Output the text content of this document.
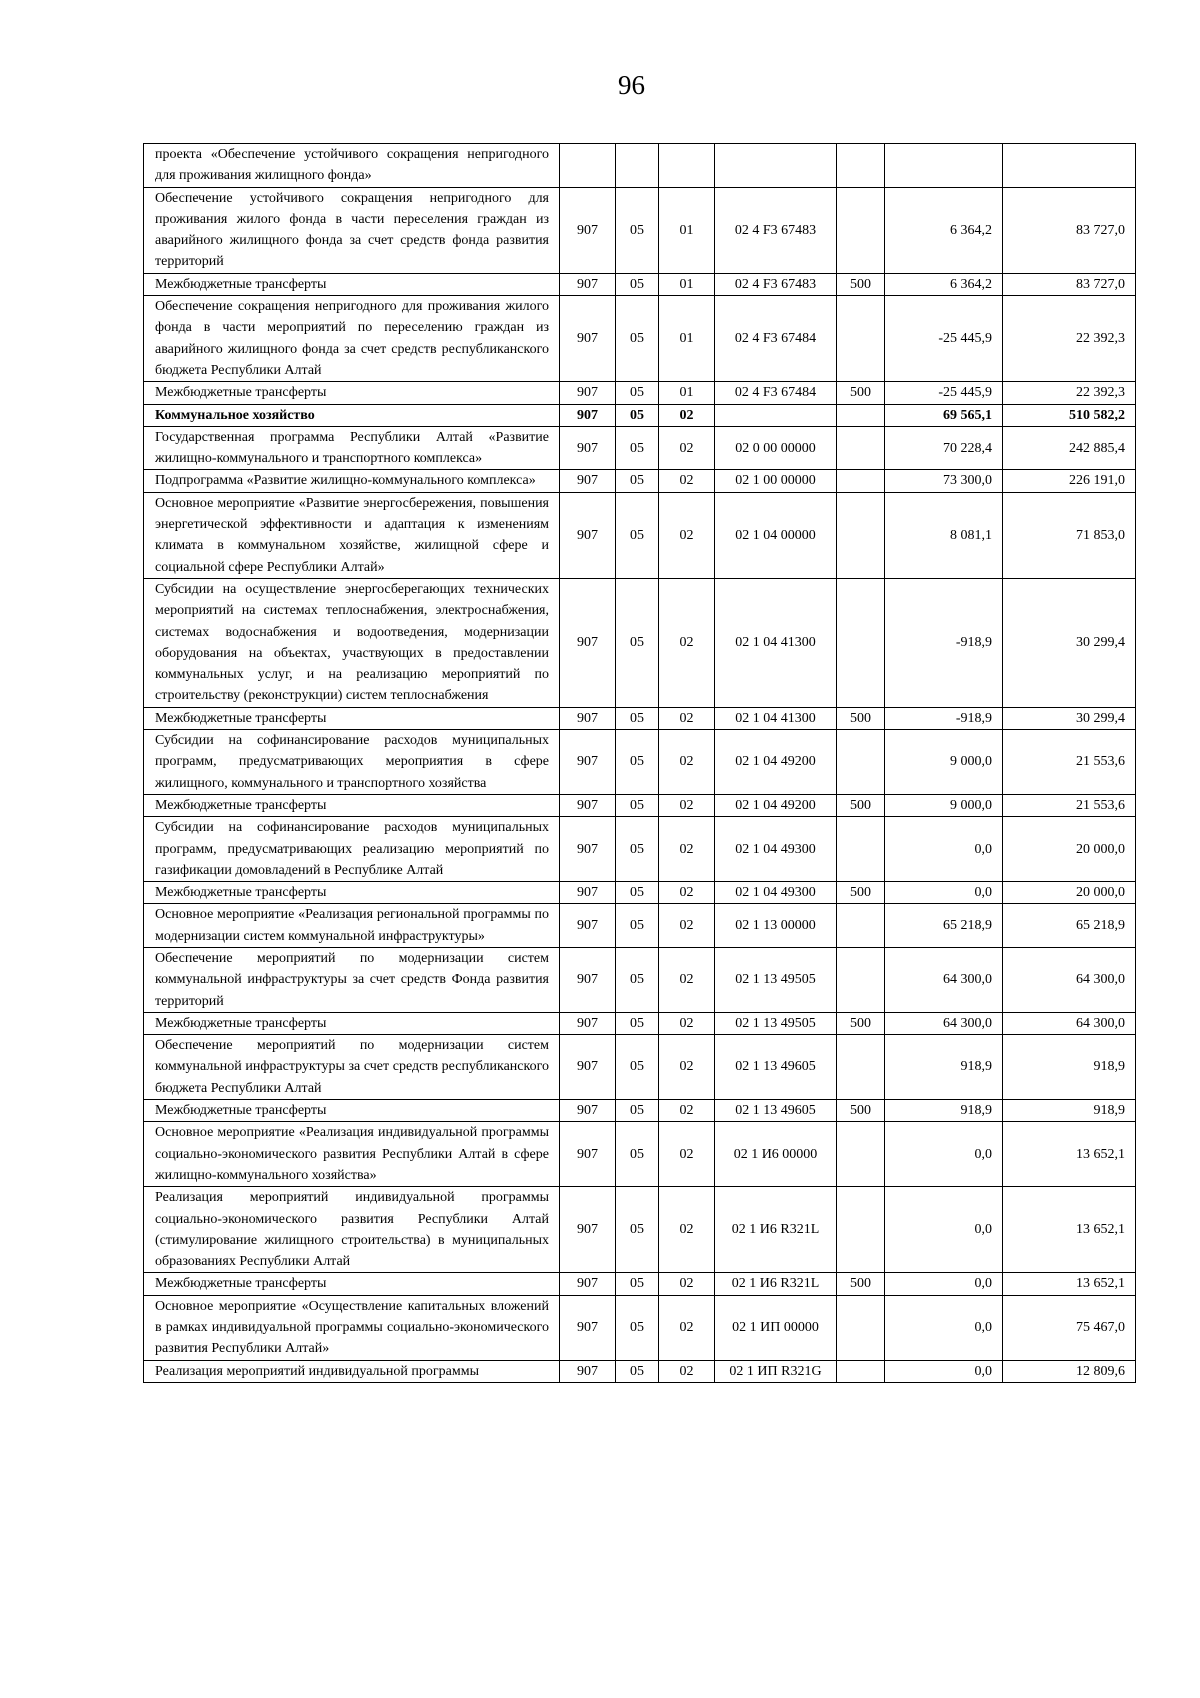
96
проекта «Обеспечение устойчивого сокращения непригодного для проживания жилищного фонда»							
Обеспечение устойчивого сокращения непригодного для проживания жилого фонда в части переселения граждан из аварийного жилищного фонда за счет средств фонда развития территорий	907	05	01	02 4 F3 67483		6 364,2	83 727,0
Межбюджетные трансферты	907	05	01	02 4 F3 67483	500	6 364,2	83 727,0
Обеспечение сокращения непригодного для проживания жилого фонда в части мероприятий по переселению граждан из аварийного жилищного фонда за счет средств республиканского бюджета Республики Алтай	907	05	01	02 4 F3 67484		-25 445,9	22 392,3
Межбюджетные трансферты	907	05	01	02 4 F3 67484	500	-25 445,9	22 392,3
Коммунальное хозяйство	907	05	02			69 565,1	510 582,2
Государственная программа Республики Алтай «Развитие жилищно-коммунального и транспортного комплекса»	907	05	02	02 0 00 00000		70 228,4	242 885,4
Подпрограмма «Развитие жилищно-коммунального комплекса»	907	05	02	02 1 00 00000		73 300,0	226 191,0
Основное мероприятие «Развитие энергосбережения, повышения энергетической эффективности и адаптация к изменениям климата в коммунальном хозяйстве, жилищной сфере и социальной сфере Республики Алтай»	907	05	02	02 1 04 00000		8 081,1	71 853,0
Субсидии на осуществление энергосберегающих технических мероприятий на системах теплоснабжения, электроснабжения, системах водоснабжения и водоотведения, модернизации оборудования на объектах, участвующих в предоставлении коммунальных услуг, и на реализацию мероприятий по строительству (реконструкции) систем теплоснабжения	907	05	02	02 1 04 41300		-918,9	30 299,4
Межбюджетные трансферты	907	05	02	02 1 04 41300	500	-918,9	30 299,4
Субсидии на софинансирование расходов муниципальных программ, предусматривающих мероприятия в сфере жилищного, коммунального и транспортного хозяйства	907	05	02	02 1 04 49200		9 000,0	21 553,6
Межбюджетные трансферты	907	05	02	02 1 04 49200	500	9 000,0	21 553,6
Субсидии на софинансирование расходов муниципальных программ, предусматривающих реализацию мероприятий по газификации домовладений в Республике Алтай	907	05	02	02 1 04 49300		0,0	20 000,0
Межбюджетные трансферты	907	05	02	02 1 04 49300	500	0,0	20 000,0
Основное мероприятие «Реализация региональной программы по модернизации систем коммунальной инфраструктуры»	907	05	02	02 1 13 00000		65 218,9	65 218,9
Обеспечение мероприятий по модернизации систем коммунальной инфраструктуры за счет средств Фонда развития территорий	907	05	02	02 1 13 49505		64 300,0	64 300,0
Межбюджетные трансферты	907	05	02	02 1 13 49505	500	64 300,0	64 300,0
Обеспечение мероприятий по модернизации систем коммунальной инфраструктуры за счет средств республиканского бюджета Республики Алтай	907	05	02	02 1 13 49605		918,9	918,9
Межбюджетные трансферты	907	05	02	02 1 13 49605	500	918,9	918,9
Основное мероприятие «Реализация индивидуальной программы социально-экономического развития Республики Алтай в сфере жилищно-коммунального хозяйства»	907	05	02	02 1 И6 00000		0,0	13 652,1
Реализация мероприятий индивидуальной программы социально-экономического развития Республики Алтай (стимулирование жилищного строительства) в муниципальных образованиях Республики Алтай	907	05	02	02 1 И6 R321L		0,0	13 652,1
Межбюджетные трансферты	907	05	02	02 1 И6 R321L	500	0,0	13 652,1
Основное мероприятие «Осуществление капитальных вложений в рамках индивидуальной программы социально-экономического развития Республики Алтай»	907	05	02	02 1 ИП 00000		0,0	75 467,0
Реализация мероприятий индивидуальной программы	907	05	02	02 1 ИП R321G		0,0	12 809,6
